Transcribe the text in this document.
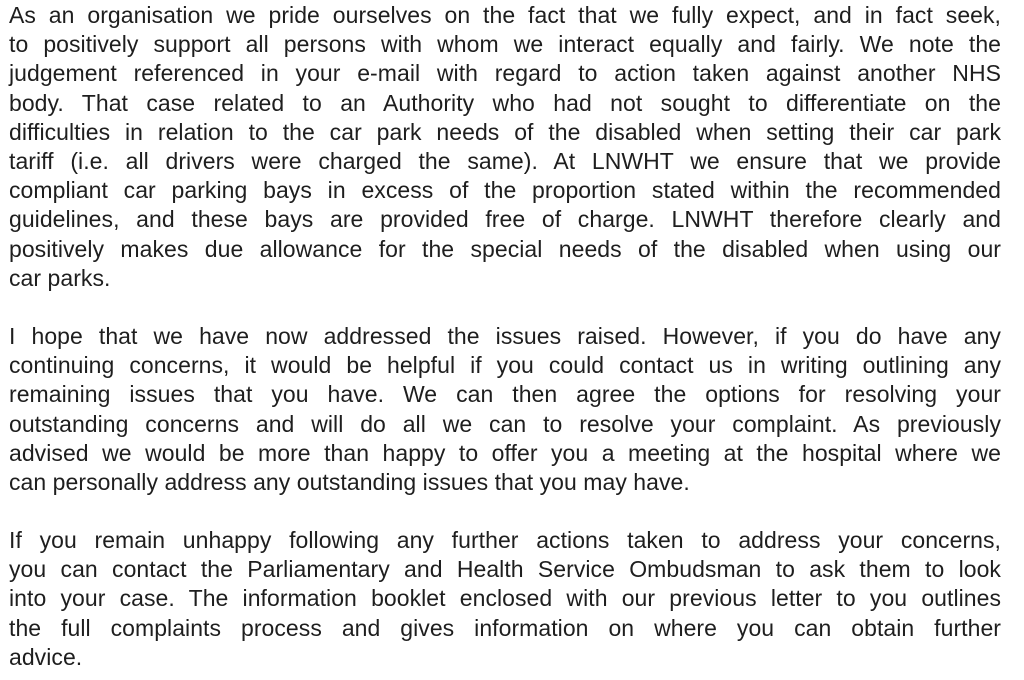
As an organisation we pride ourselves on the fact that we fully expect, and in fact seek,
to positively support all persons with whom we interact equally and fairly. We note the
judgement referenced in your e-mail with regard to action taken against another NHS
body. That case related to an Authority who had not sought to differentiate on the
difficulties in relation to the car park needs of the disabled when setting their car park
tariff (i.e. all drivers were charged the same). At LNWHT we ensure that we provide
compliant car parking bays in excess of the proportion stated within the recommended
guidelines, and these bays are provided free of charge. LNWHT therefore clearly and
positively makes due allowance for the special needs of the disabled when using our
car parks.
I hope that we have now addressed the issues raised. However, if you do have any
continuing concerns, it would be helpful if you could contact us in writing outlining any
remaining issues that you have. We can then agree the options for resolving your
outstanding concerns and will do all we can to resolve your complaint. As previously
advised we would be more than happy to offer you a meeting at the hospital where we
can personally address any outstanding issues that you may have.
If you remain unhappy following any further actions taken to address your concerns,
you can contact the Parliamentary and Health Service Ombudsman to ask them to look
into your case. The information booklet enclosed with our previous letter to you outlines
the full complaints process and gives information on where you can obtain further
advice.
